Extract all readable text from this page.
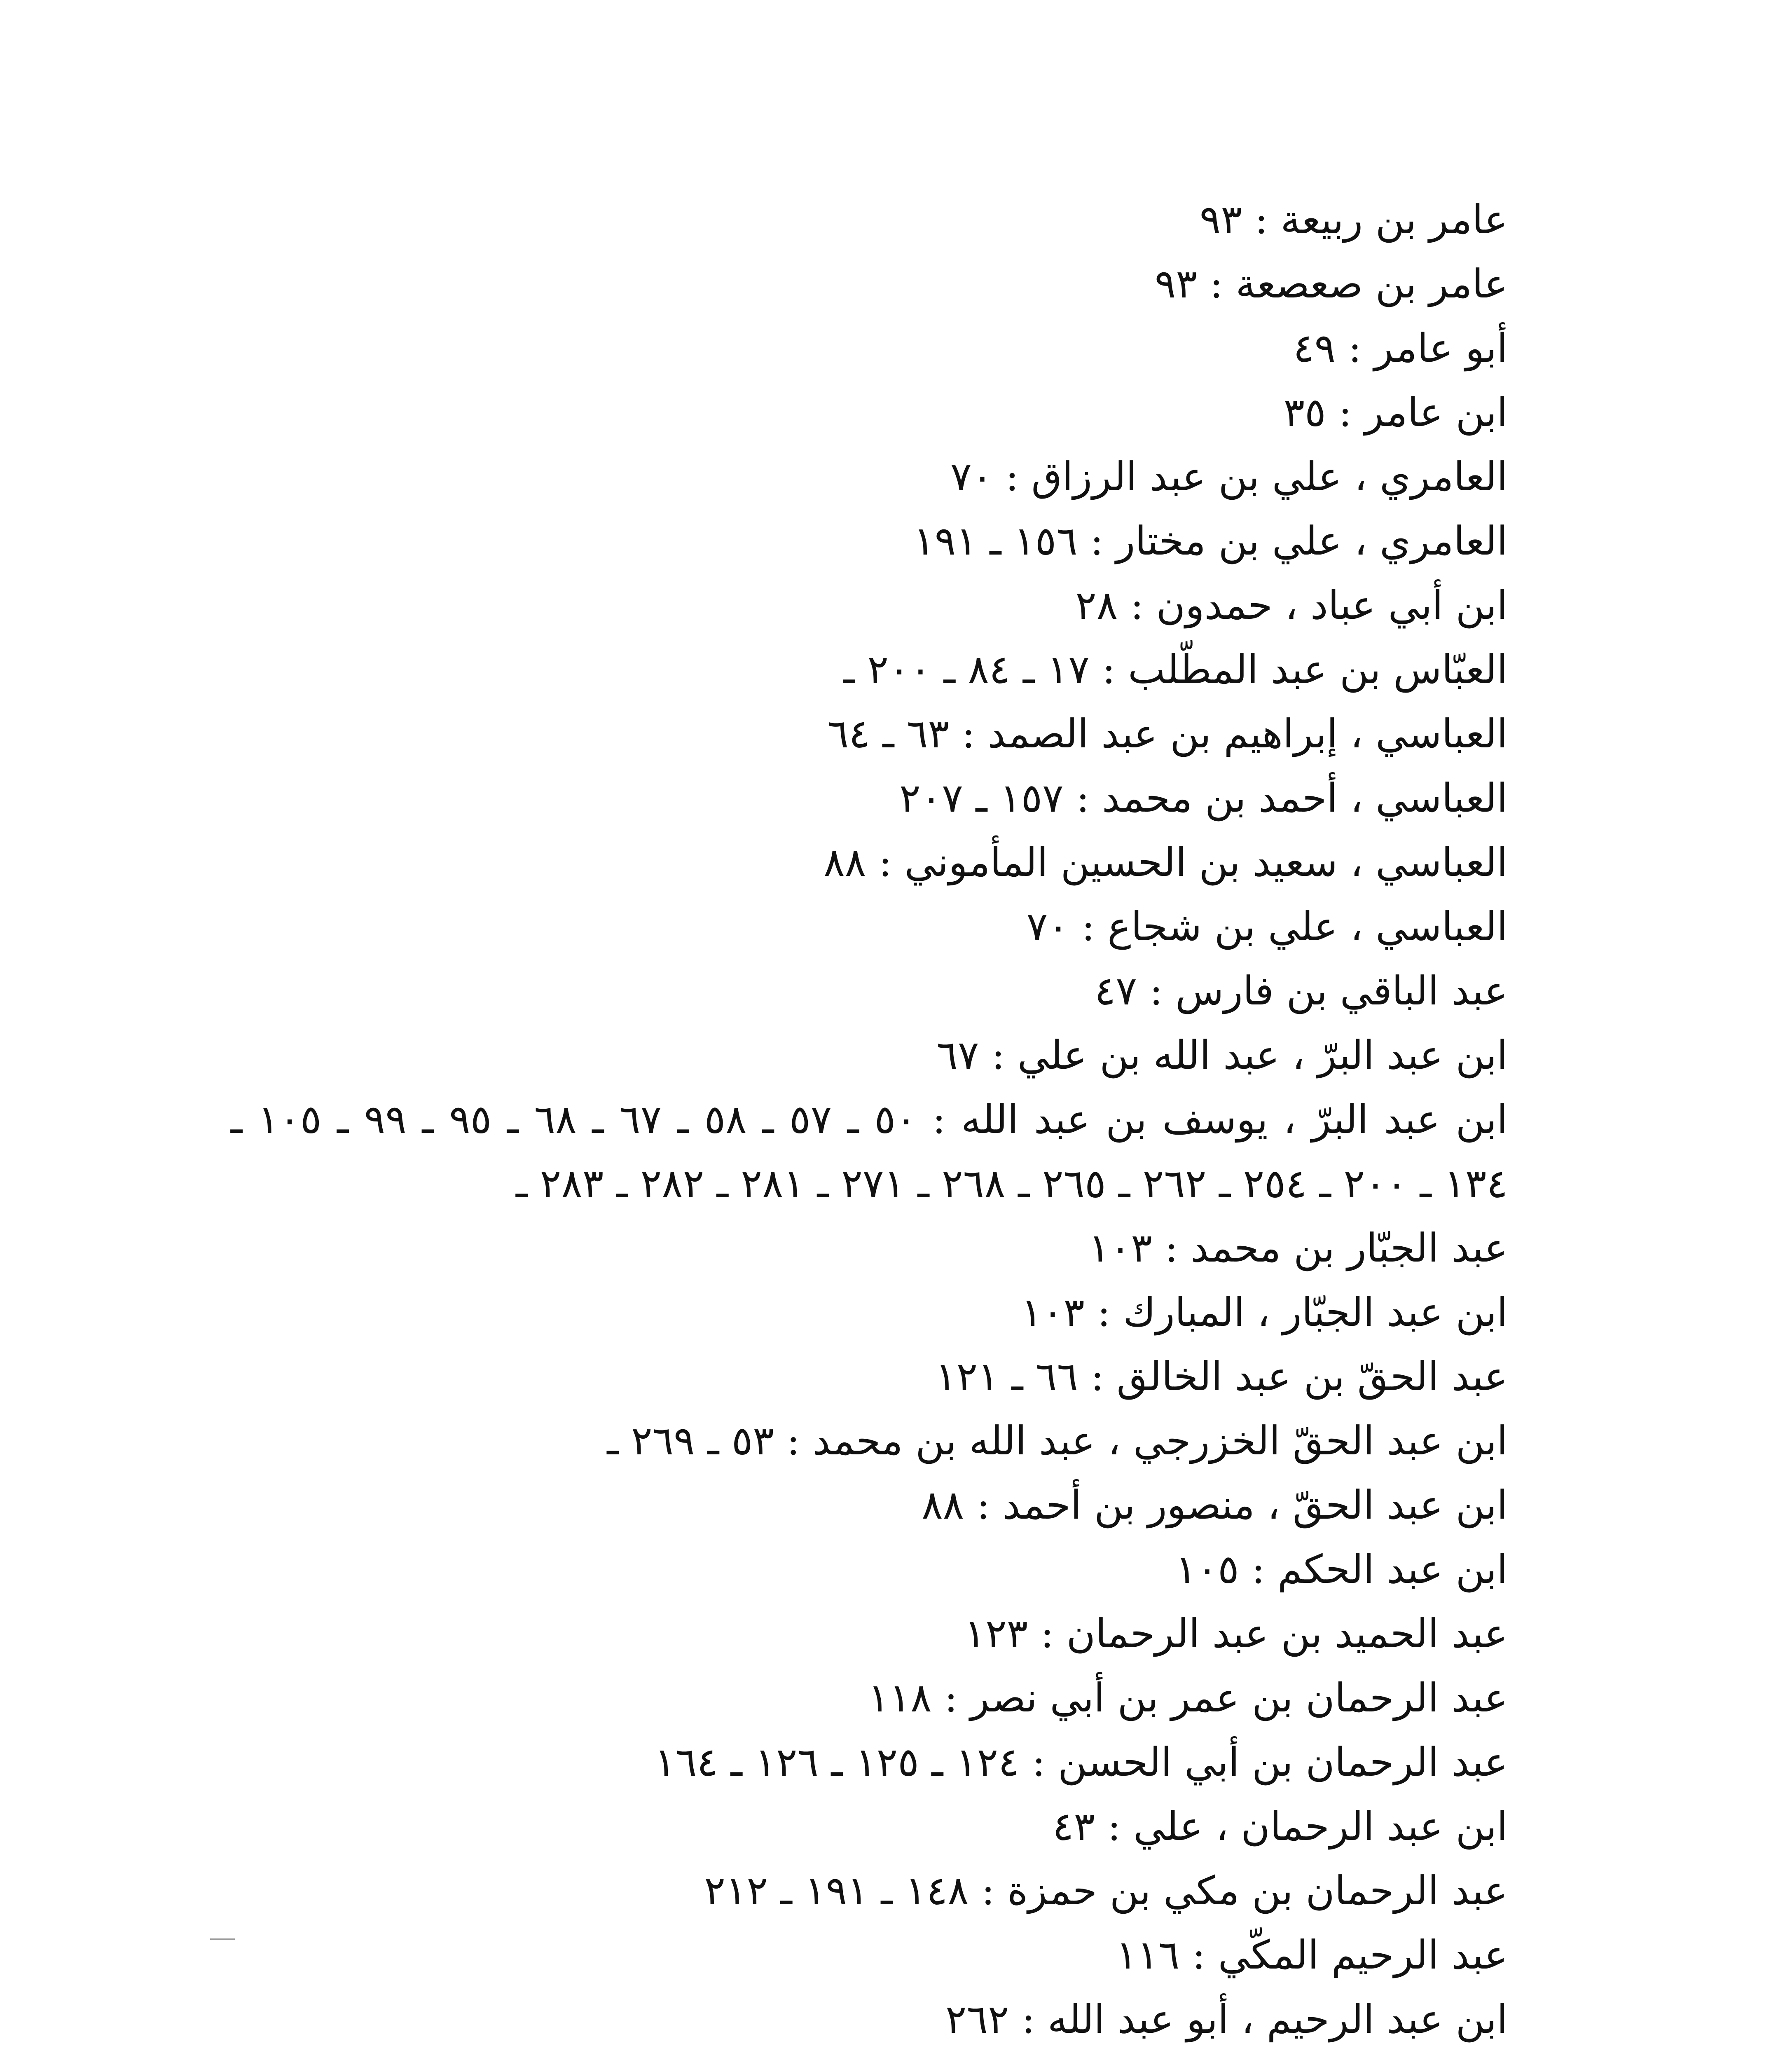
عامر بن ربيعة : ٩٣
عامر بن صعصعة : ٩٣
أبو عامر : ٤٩
ابن عامر : ٣٥
العامري ، علي بن عبد الرزاق : ٧٠
العامري ، علي بن مختار : ١٥٦ ـ ١٩١
ابن أبي عباد ، حمدون : ٢٨
العبّاس بن عبد المطّلب : ١٧ ـ ٨٤ ـ ٢٠٠ ـ
العباسي ، إبراهيم بن عبد الصمد : ٦٣ ـ ٦٤
العباسي ، أحمد بن محمد : ١٥٧ ـ ٢٠٧
العباسي ، سعيد بن الحسين المأموني : ٨٨
العباسي ، علي بن شجاع : ٧٠
عبد الباقي بن فارس : ٤٧
ابن عبد البرّ ، عبد الله بن علي : ٦٧
ابن عبد البرّ ، يوسف بن عبد الله : ٥٠ ـ ٥٧ ـ ٥٨ ـ ٦٧ ـ ٦٨ ـ ٩٥ ـ ٩٩ ـ ١٠٥ ـ ١٣٤ ـ ٢٠٠ ـ ٢٥٤ ـ ٢٦٢ ـ ٢٦٥ ـ ٢٦٨ ـ ٢٧١ ـ ٢٨١ ـ ٢٨٢ ـ ٢٨٣ ـ
عبد الجبّار بن محمد : ١٠٣
ابن عبد الجبّار ، المبارك : ١٠٣
عبد الحقّ بن عبد الخالق : ٦٦ ـ ١٢١
ابن عبد الحقّ الخزرجي ، عبد الله بن محمد : ٥٣ ـ ٢٦٩ ـ
ابن عبد الحقّ ، منصور بن أحمد : ٨٨
ابن عبد الحكم : ١٠٥
عبد الحميد بن عبد الرحمان : ١٢٣
عبد الرحمان بن عمر بن أبي نصر : ١١٨
عبد الرحمان بن أبي الحسن : ١٢٤ ـ ١٢٥ ـ ١٢٦ ـ ١٦٤
ابن عبد الرحمان ، علي : ٤٣
عبد الرحمان بن مكي بن حمزة : ١٤٨ ـ ١٩١ ـ ٢١٢
عبد الرحيم المكّي : ١١٦
ابن عبد الرحيم ، أبو عبد الله : ٢٦٢
